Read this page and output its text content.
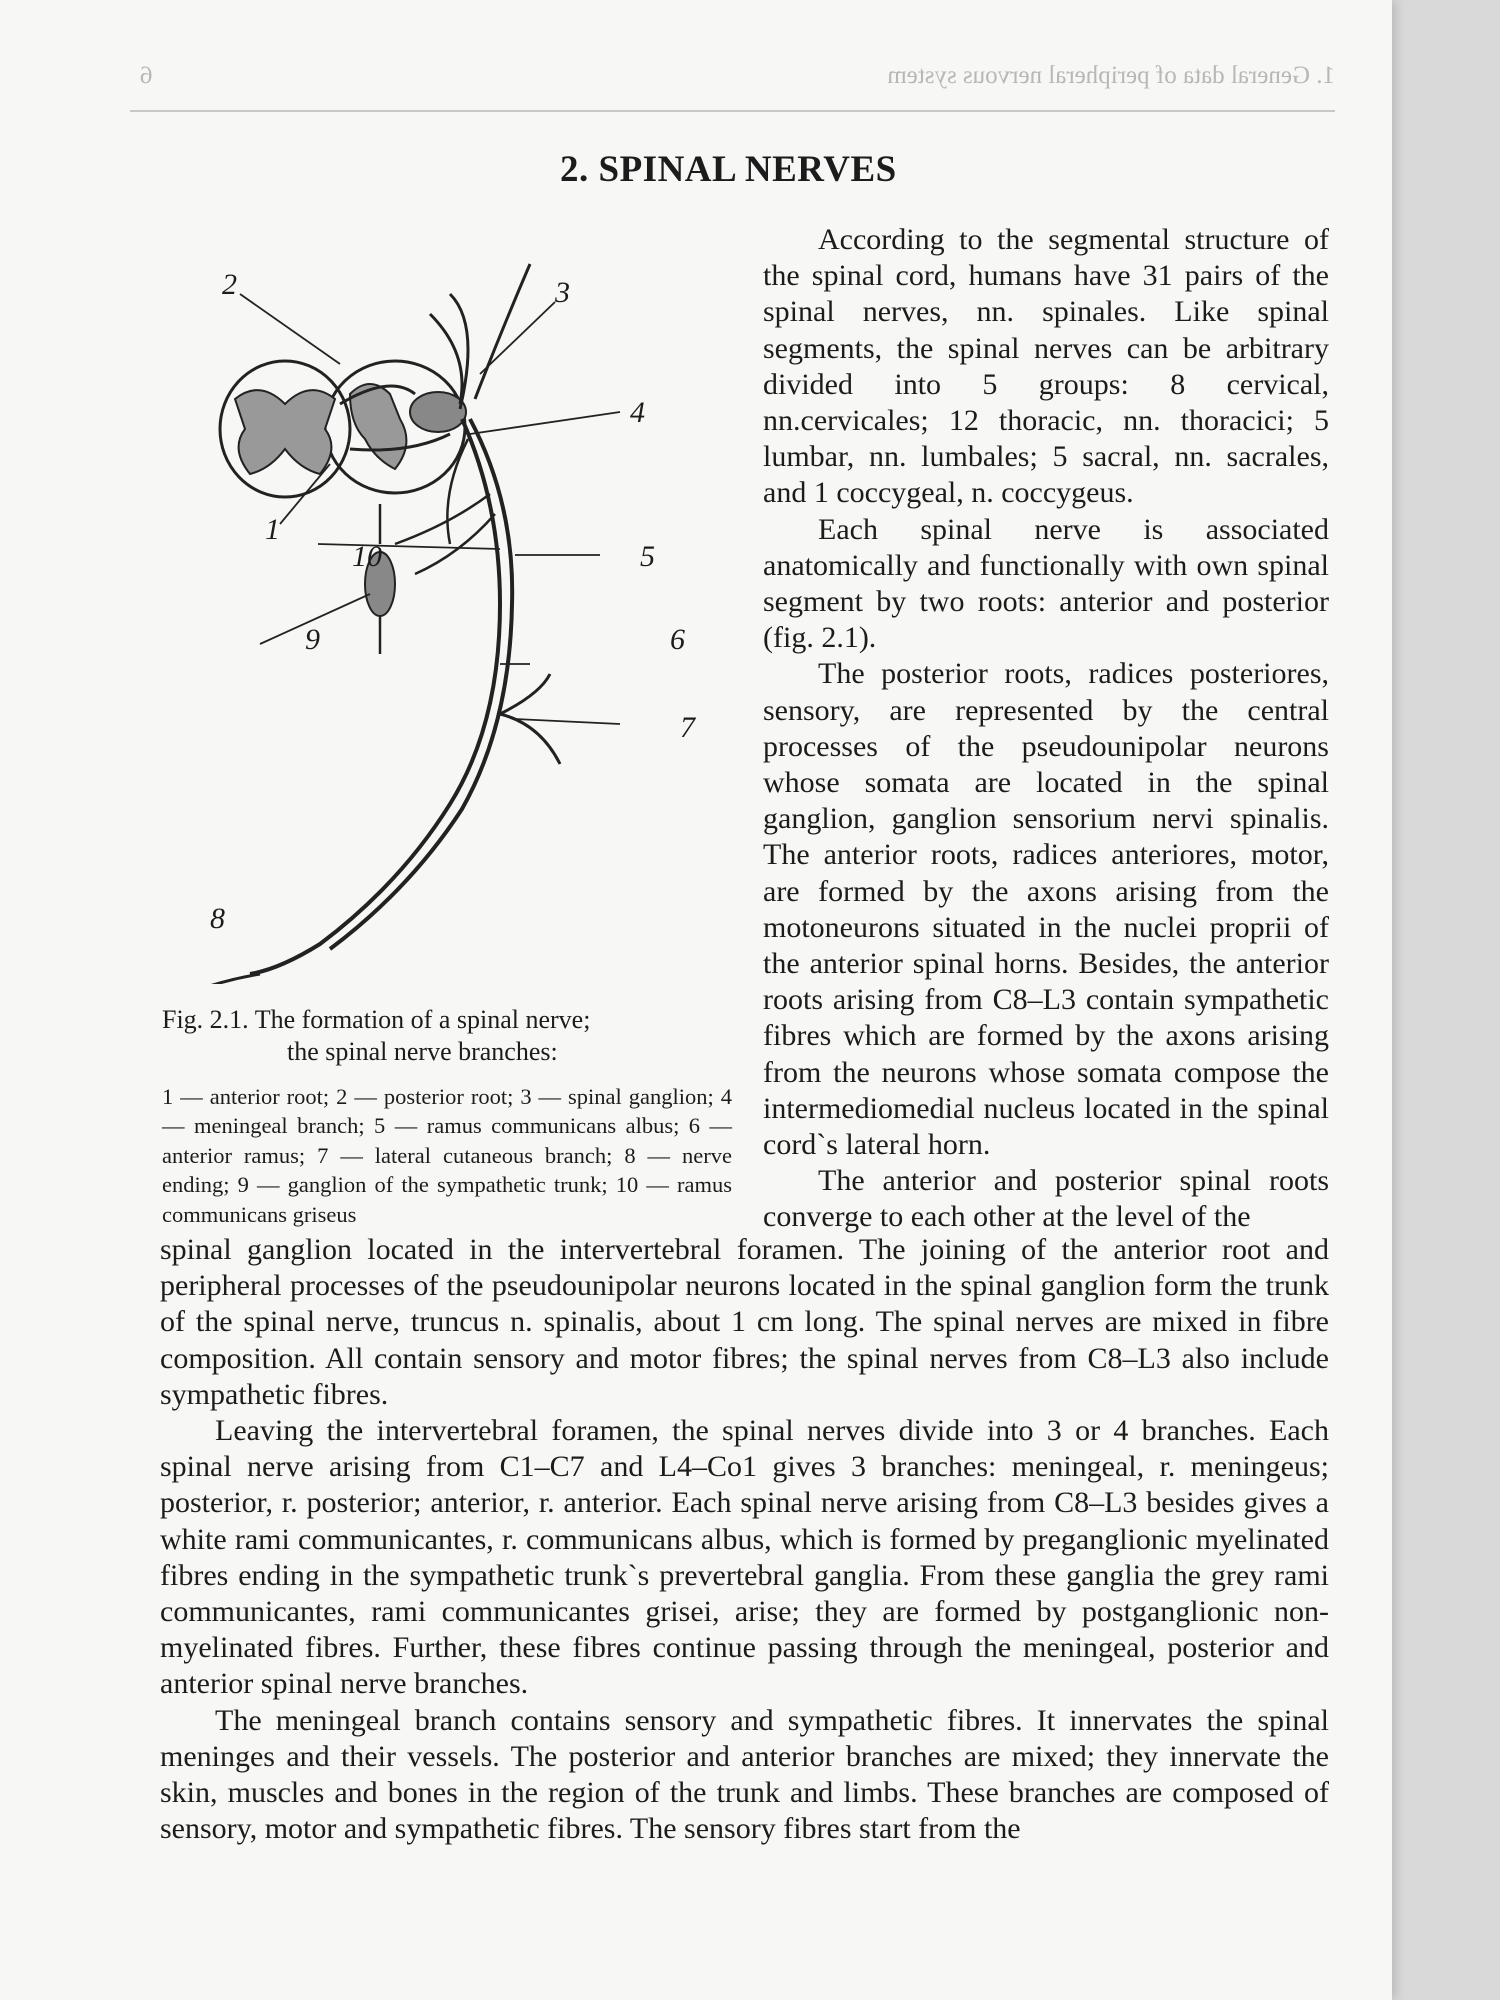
1. General data of peripheral nervous system
6
2. SPINAL NERVES
1
2	3
4
5
6
7
8
9
10
Fig. 2.1. The formation of a spinal nerve;
the spinal nerve branches:
1 — anterior root; 2 — posterior root; 3 — spinal ganglion; 4 — meningeal branch; 5 — ramus communicans albus; 6 — anterior ramus; 7 — lateral cutaneous branch; 8 — nerve ending; 9 — ganglion of the sympathetic trunk; 10 — ramus communicans griseus

According to the segmental structure of the spinal cord, humans have 31 pairs of the spinal nerves, nn. spinales. Like spinal segments, the spinal nerves can be arbitrary divided into 5 groups: 8 cervical, nn.cervicales; 12 thoracic, nn. thoracici; 5 lumbar, nn. lumbales; 5 sacral, nn. sacrales, and 1 coccygeal, n. coccygeus.

Each spinal nerve is associated anatomically and functionally with own spinal segment by two roots: anterior and posterior (fig. 2.1).

The posterior roots, radices posteriores, sensory, are represented by the central processes of the pseudounipolar neurons whose somata are located in the spinal ganglion, ganglion sensorium nervi spinalis. The anterior roots, radices anteriores, motor, are formed by the axons arising from the motoneurons situated in the nuclei proprii of the anterior spinal horns. Besides, the anterior roots arising from C8–L3 contain sympathetic fibres which are formed by the axons arising from the neurons whose somata compose the intermediomedial nucleus located in the spinal cord`s lateral horn.

The anterior and posterior spinal roots converge to each other at the level of the

spinal ganglion located in the intervertebral foramen. The joining of the anterior root and peripheral processes of the pseudounipolar neurons located in the spinal ganglion form the trunk of the spinal nerve, truncus n. spinalis, about 1 cm long. The spinal nerves are mixed in fibre composition. All contain sensory and motor fibres; the spinal nerves from C8–L3 also include sympathetic fibres.

Leaving the intervertebral foramen, the spinal nerves divide into 3 or 4 branches. Each spinal nerve arising from C1–C7 and L4–Co1 gives 3 branches: meningeal, r. meningeus; posterior, r. posterior; anterior, r. anterior. Each spinal nerve arising from C8–L3 besides gives a white rami communicantes, r. communicans albus, which is formed by preganglionic myelinated fibres ending in the sympathetic trunk`s prevertebral ganglia. From these ganglia the grey rami communicantes, rami communicantes grisei, arise; they are formed by postganglionic non-myelinated fibres. Further, these fibres continue passing through the meningeal, posterior and anterior spinal nerve branches.

The meningeal branch contains sensory and sympathetic fibres. It innervates the spinal meninges and their vessels. The posterior and anterior branches are mixed; they innervate the skin, muscles and bones in the region of the trunk and limbs. These branches are composed of sensory, motor and sympathetic fibres. The sensory fibres start from the
